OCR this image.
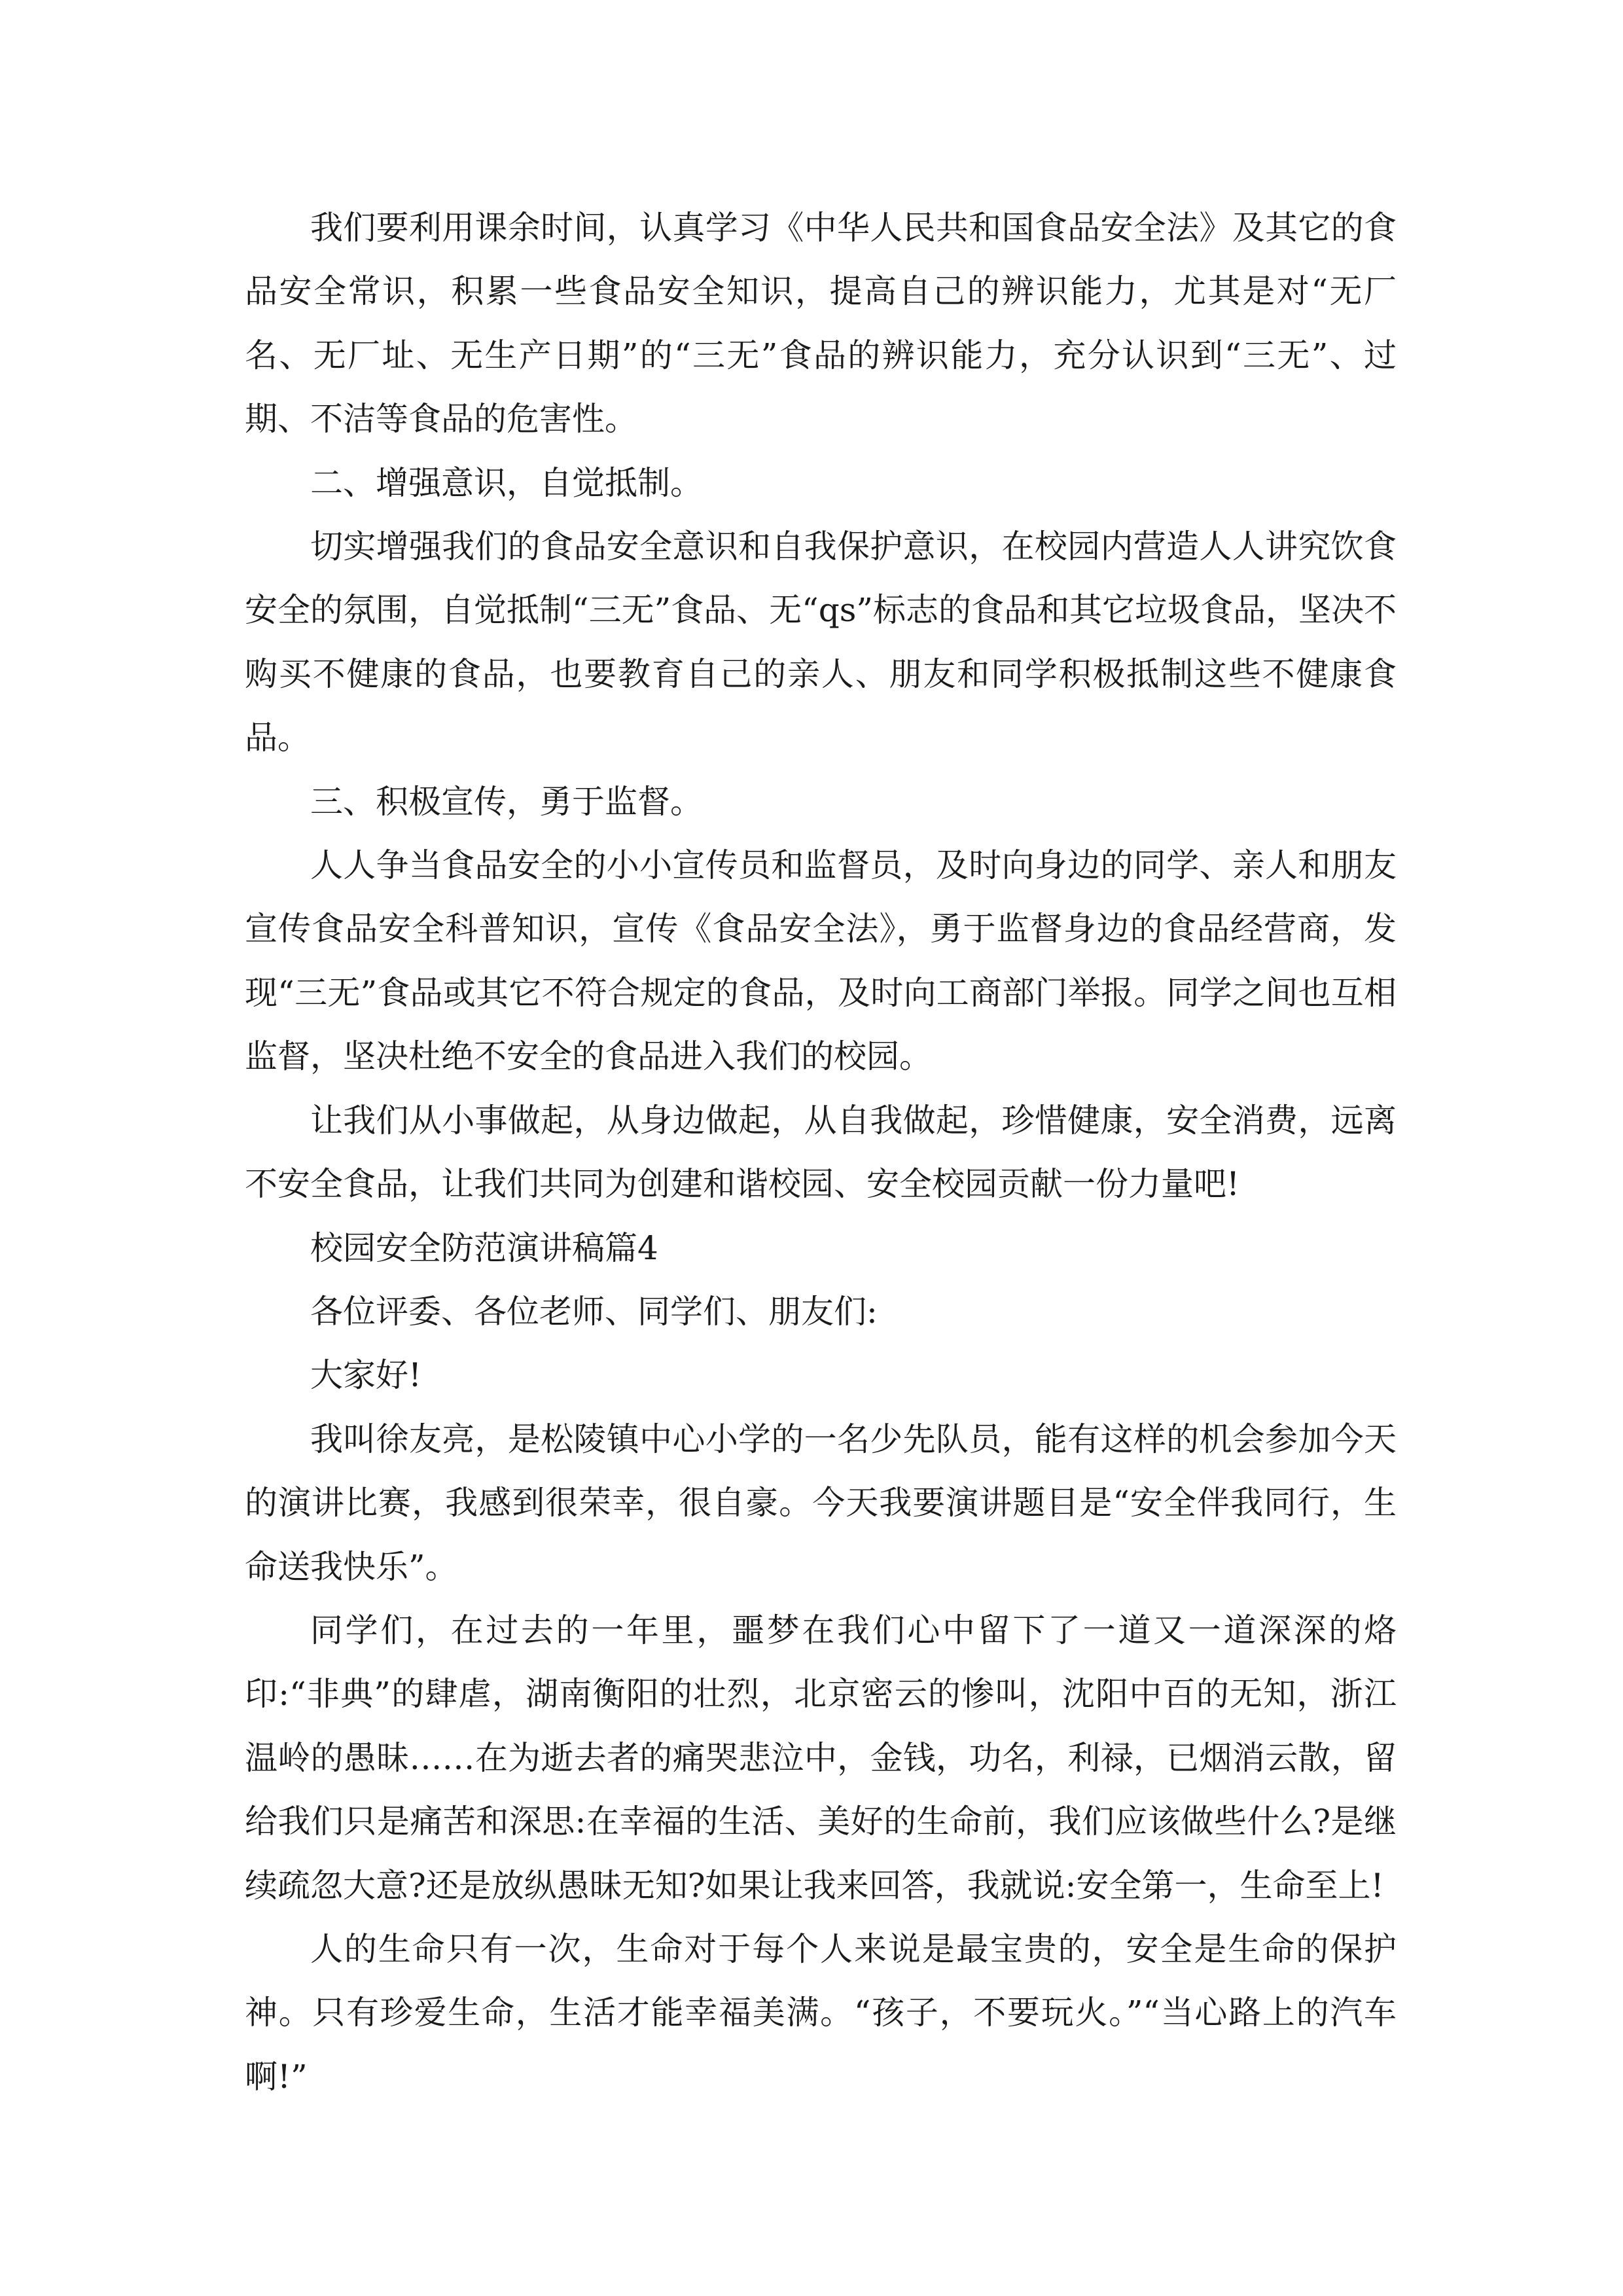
我们要利用课余时间，认真学习《中华人民共和国食品安全法》及其它的食品安全常识，积累一些食品安全知识，提高自己的辨识能力，尤其是对“无厂名、无厂址、无生产日期”的“三无”食品的辨识能力，充分认识到“三无”、过期、不洁等食品的危害性。

二、增强意识，自觉抵制。

切实增强我们的食品安全意识和自我保护意识，在校园内营造人人讲究饮食安全的氛围，自觉抵制“三无”食品、无“qs”标志的食品和其它垃圾食品，坚决不购买不健康的食品，也要教育自己的亲人、朋友和同学积极抵制这些不健康食品。

三、积极宣传，勇于监督。

人人争当食品安全的小小宣传员和监督员，及时向身边的同学、亲人和朋友宣传食品安全科普知识，宣传《食品安全法》，勇于监督身边的食品经营商，发现“三无”食品或其它不符合规定的食品，及时向工商部门举报。同学之间也互相监督，坚决杜绝不安全的食品进入我们的校园。

让我们从小事做起，从身边做起，从自我做起，珍惜健康，安全消费，远离不安全食品，让我们共同为创建和谐校园、安全校园贡献一份力量吧!

校园安全防范演讲稿篇4

各位评委、各位老师、同学们、朋友们:

大家好!

我叫徐友亮，是松陵镇中心小学的一名少先队员，能有这样的机会参加今天的演讲比赛，我感到很荣幸，很自豪。今天我要演讲题目是“安全伴我同行，生命送我快乐”。

同学们，在过去的一年里，噩梦在我们心中留下了一道又一道深深的烙印:“非典”的肆虐，湖南衡阳的壮烈，北京密云的惨叫，沈阳中百的无知，浙江温岭的愚昧……在为逝去者的痛哭悲泣中，金钱，功名，利禄，已烟消云散，留给我们只是痛苦和深思:在幸福的生活、美好的生命前，我们应该做些什么?是继续疏忽大意?还是放纵愚昧无知?如果让我来回答，我就说:安全第一，生命至上!

人的生命只有一次，生命对于每个人来说是最宝贵的，安全是生命的保护神。只有珍爱生命，生活才能幸福美满。“孩子，不要玩火。”“当心路上的汽车啊!”
